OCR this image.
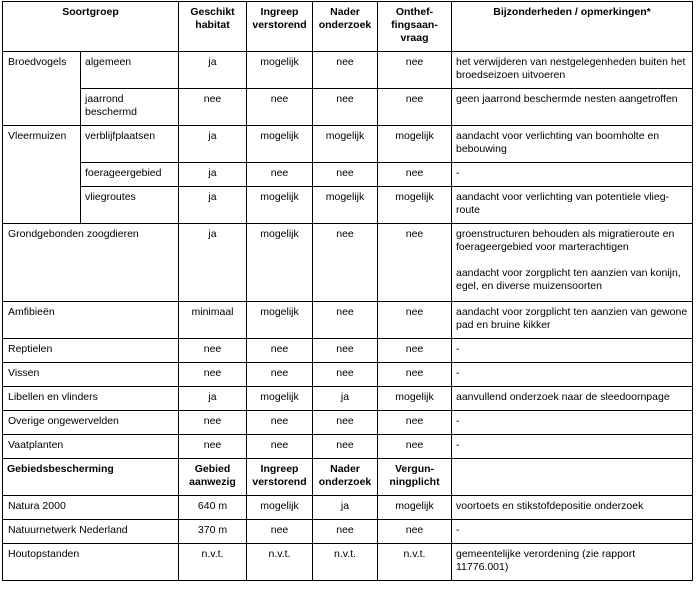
Soortgroep		Geschikt habitat	Ingreep verstorend	Nader onderzoek	Onthef-fingsaan-vraag	Bijzonderheden / opmerkingen*
Broedvogels	algemeen	ja	mogelijk	nee	nee	het verwijderen van nestgelegenheden buiten het broedseizoen uitvoeren
	jaarrond beschermd	nee	nee	nee	nee	geen jaarrond beschermde nesten aangetroffen
Vleermuizen	verblijfplaatsen	ja	mogelijk	mogelijk	mogelijk	aandacht voor verlichting van boomholte en bebouwing
	foerageergebied	ja	nee	nee	nee	-
	vliegroutes	ja	mogelijk	mogelijk	mogelijk	aandacht voor verlichting van potentiele vlieg-route
Grondgebonden zoogdieren		ja	mogelijk	nee	nee	groenstructuren behouden als migratieroute en foerageergebied voor marterachtigen
aandacht voor zorgplicht ten aanzien van konijn, egel, en diverse muizensoorten
Amfibieën		minimaal	mogelijk	nee	nee	aandacht voor zorgplicht ten aanzien van gewone pad en bruine kikker
Reptielen		nee	nee	nee	nee	-
Vissen		nee	nee	nee	nee	-
Libellen en vlinders		ja	mogelijk	ja	mogelijk	aanvullend onderzoek naar de sleedoornpage
Overige ongewervelden		nee	nee	nee	nee	-
Vaatplanten		nee	nee	nee	nee	-
Gebiedsbescherming		Gebied aanwezig	Ingreep verstorend	Nader onderzoek	Vergun-ningplicht	
Natura 2000		640 m	mogelijk	ja	mogelijk	voortoets en stikstofdepositie onderzoek
Natuurnetwerk Nederland		370 m	nee	nee	nee	-
Houtopstanden		n.v.t.	n.v.t.	n.v.t.	n.v.t.	gemeentelijke verordening (zie rapport 11776.001)
